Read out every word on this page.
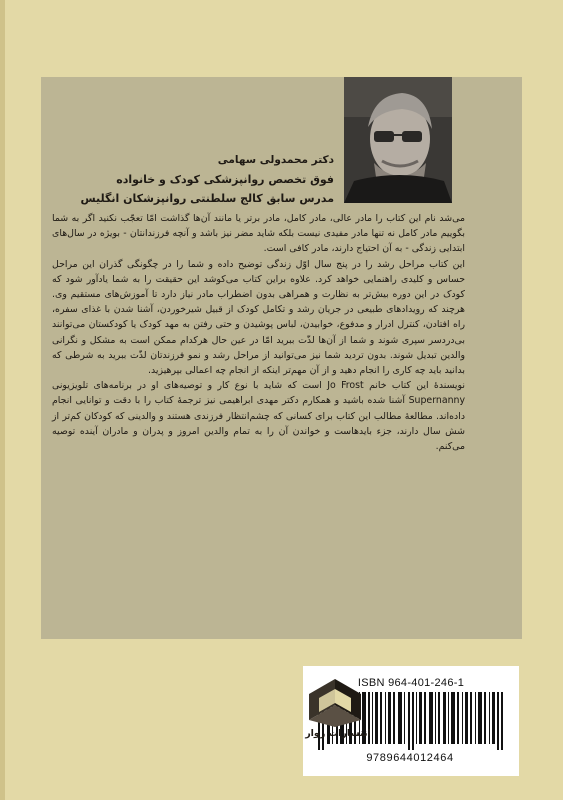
دکتر محمدولی سهامی
فوق تخصص روانپزشکی کودک و خانواده
مدرس سابق کالج سلطنتی روانپزشکان انگلیس

می‌شد نام این کتاب را مادر عالی، مادر کامل، مادر برتر یا مانند آن‌ها گذاشت امّا تعجّب نکنید اگر به شما بگوییم مادر کامل نه تنها مادر مفیدی نیست بلکه شاید مضر نیز باشد و آنچه فرزندانتان - بویژه در سال‌های ابتدایی زندگی - به آن احتیاج دارند، مادر کافی است.

این کتاب مراحل رشد را در پنج سال اوّل زندگی توضیح داده و شما را در چگونگی گذران این مراحل حساس و کلیدی راهنمایی خواهد کرد. علاوه براین کتاب می‌کوشد این حقیقت را به شما یادآور شود که کودک در این دوره بیش‌تر به نظارت و همراهی بدون اضطراب مادر نیاز دارد تا آموزش‌های مستقیم وی. هرچند که رویدادهای طبیعی در جریان رشد و تکامل کودک از قبیل شیرخوردن، آشنا شدن با غذای سفره، راه افتادن، کنترل ادرار و مدفوع، خوابیدن، لباس پوشیدن و حتی رفتن به مهد کودک یا کودکستان می‌توانند بی‌دردسر سپری شوند و شما از آن‌ها لذّت ببرید امّا در عین حال هرکدام ممکن است به مشکل و نگرانی والدین تبدیل شوند. بدون تردید شما نیز می‌توانید از مراحل رشد و نمو فرزندتان لذّت ببرید به شرطی که بدانید باید چه کاری را انجام دهید و از آن مهم‌تر اینکه از انجام چه اعمالی بپرهیزید.

نویسندهٔ این کتاب خانم Jo Frost است که شاید با نوع کار و توصیه‌های او در برنامه‌های تلویزیونی Supernanny آشنا شده باشید و همکارم دکتر مهدی ابراهیمی نیز ترجمهٔ کتاب را با دقت و توانایی انجام داده‌اند. مطالعهٔ مطالب این کتاب برای کسانی که چشم‌انتظار فرزندی هستند و والدینی که کودکان کم‌تر از شش سال دارند، جزء بایدهاست و خواندن آن را به تمام والدین امروز و پدران و مادران آینده توصیه می‌کنم.

ISBN 964-401-246-1
9789644012464
انتشارات زوار
